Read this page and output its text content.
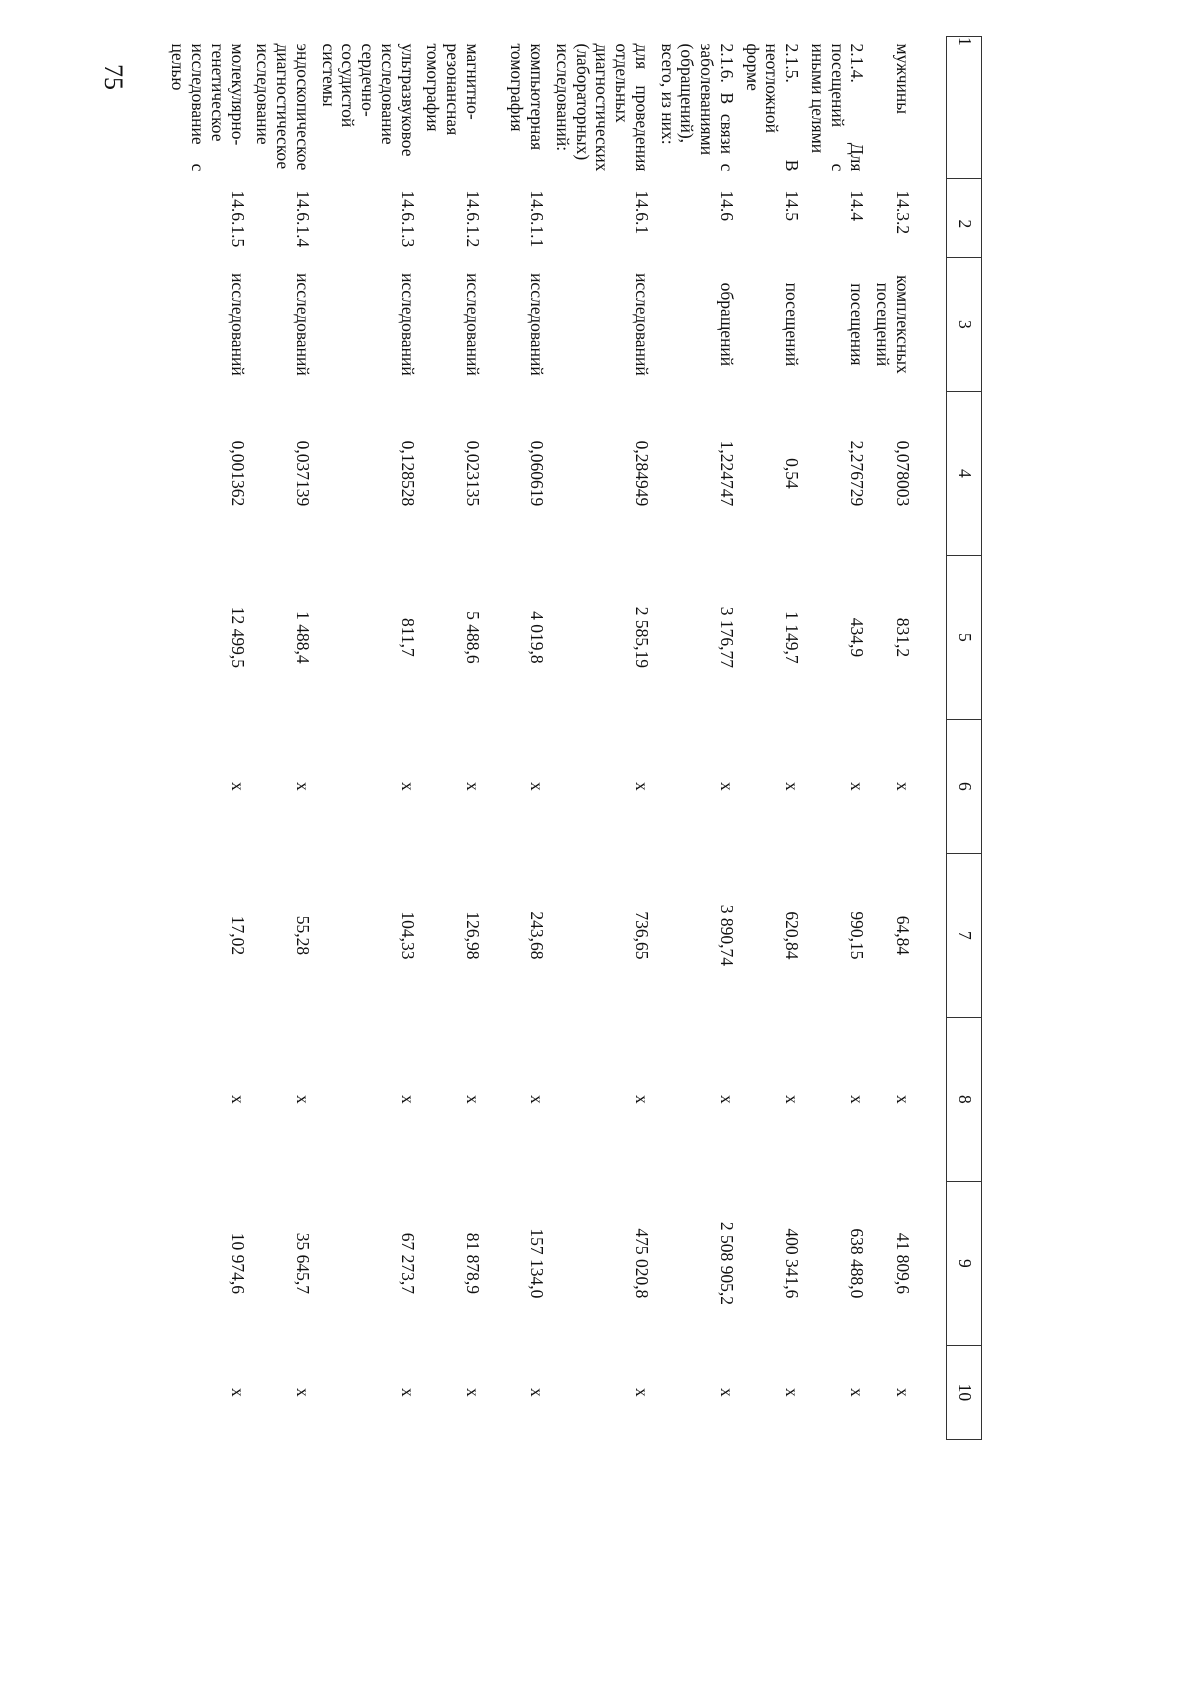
75
1	2	3	4	5	6	7	8	9	10
мужчины	14.3.2	комплексных посещений	0,078003	831,2	х	64,84	х	41 809,6	х
2.1.4. Для посещений с иными целями	14.4	посещения	2,276729	434,9	х	990,15	х	638 488,0	х
2.1.5. В неотложной форме	14.5	посещений	0,54	1 149,7	х	620,84	х	400 341,6	х
2.1.6. В связи с заболеваниями (обращений), всего, из них:	14.6	обращений	1,224747	3 176,77	х	3 890,74	х	2 508 905,2	х
для проведения отдельных диагностических (лабораторных) исследований:	14.6.1	исследований	0,284949	2 585,19	х	736,65	х	475 020,8	х
компьютерная томография	14.6.1.1	исследований	0,060619	4 019,8	х	243,68	х	157 134,0	х
магнитно-резонансная томография	14.6.1.2	исследований	0,023135	5 488,6	х	126,98	х	81 878,9	х
ультразвуковое исследование сердечно-сосудистой системы	14.6.1.3	исследований	0,128528	811,7	х	104,33	х	67 273,7	х
эндоскопическое диагностическое исследование	14.6.1.4	исследований	0,037139	1 488,4	х	55,28	х	35 645,7	х
молекулярно-генетическое исследование с целью	14.6.1.5	исследований	0,001362	12 499,5	х	17,02	х	10 974,6	х
